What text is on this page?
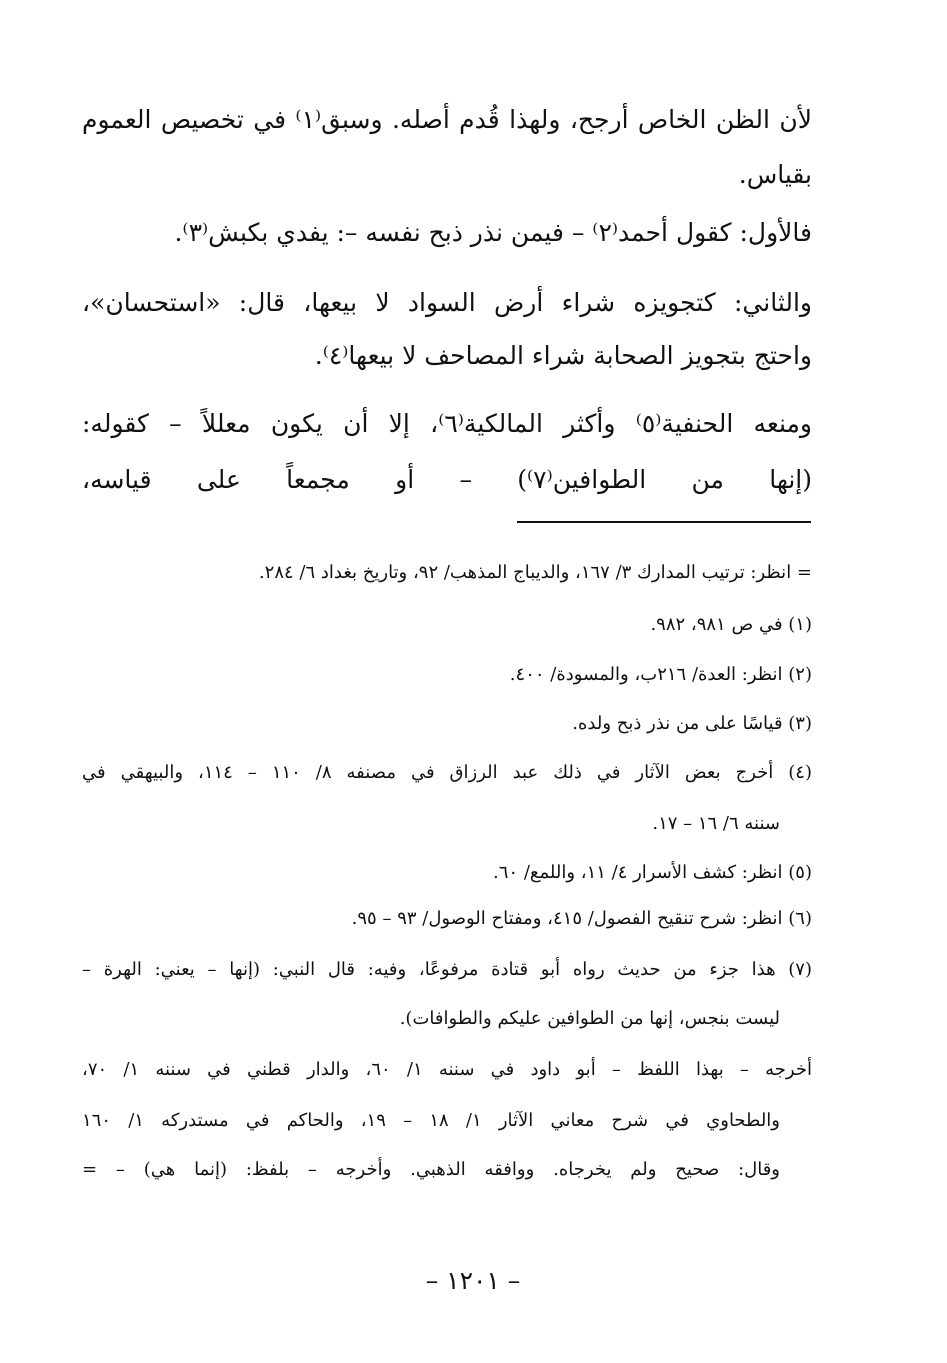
لأن الظن الخاص أرجح، ولهذا قُدم أصله. وسبق⁽١⁾ في تخصيص العموم
بقياس.
فالأول: كقول أحمد⁽٢⁾ – فيمن نذر ذبح نفسه –: يفدي بكبش⁽٣⁾.
والثاني: كتجويزه شراء أرض السواد لا بيعها، قال: «استحسان»،
واحتج بتجويز الصحابة شراء المصاحف لا بيعها⁽٤⁾.
ومنعه الحنفية⁽٥⁾ وأكثر المالكية⁽٦⁾، إلا أن يكون معللاً – كقوله:
(إنها من الطوافين⁽٧⁾) – أو مجمعاً على قياسه،
= انظر: ترتيب المدارك ٣/ ١٦٧، والديباج المذهب/ ٩٢، وتاريخ بغداد ٦/ ٢٨٤.
(١) في ص ٩٨١، ٩٨٢.
(٢) انظر: العدة/ ٢١٦ب، والمسودة/ ٤٠٠.
(٣) قياسًا على من نذر ذبح ولده.
(٤) أخرج بعض الآثار في ذلك عبد الرزاق في مصنفه ٨/ ١١٠ – ١١٤، والبيهقي في
سننه ٦/ ١٦ – ١٧.
(٥) انظر: كشف الأسرار ٤/ ١١، واللمع/ ٦٠.
(٦) انظر: شرح تنقيح الفصول/ ٤١٥، ومفتاح الوصول/ ٩٣ – ٩٥.
(٧) هذا جزء من حديث رواه أبو قتادة مرفوعًا، وفيه: قال النبي: (إنها – يعني: الهرة –
ليست بنجس، إنها من الطوافين عليكم والطوافات).
أخرجه – بهذا اللفظ – أبو داود في سننه ١/ ٦٠، والدار قطني في سننه ١/ ٧٠،
والطحاوي في شرح معاني الآثار ١/ ١٨ – ١٩، والحاكم في مستدركه ١/ ١٦٠
وقال: صحيح ولم يخرجاه. ووافقه الذهبي. وأخرجه – بلفظ: (إنما هي) – =
– ١٢٠١ –
